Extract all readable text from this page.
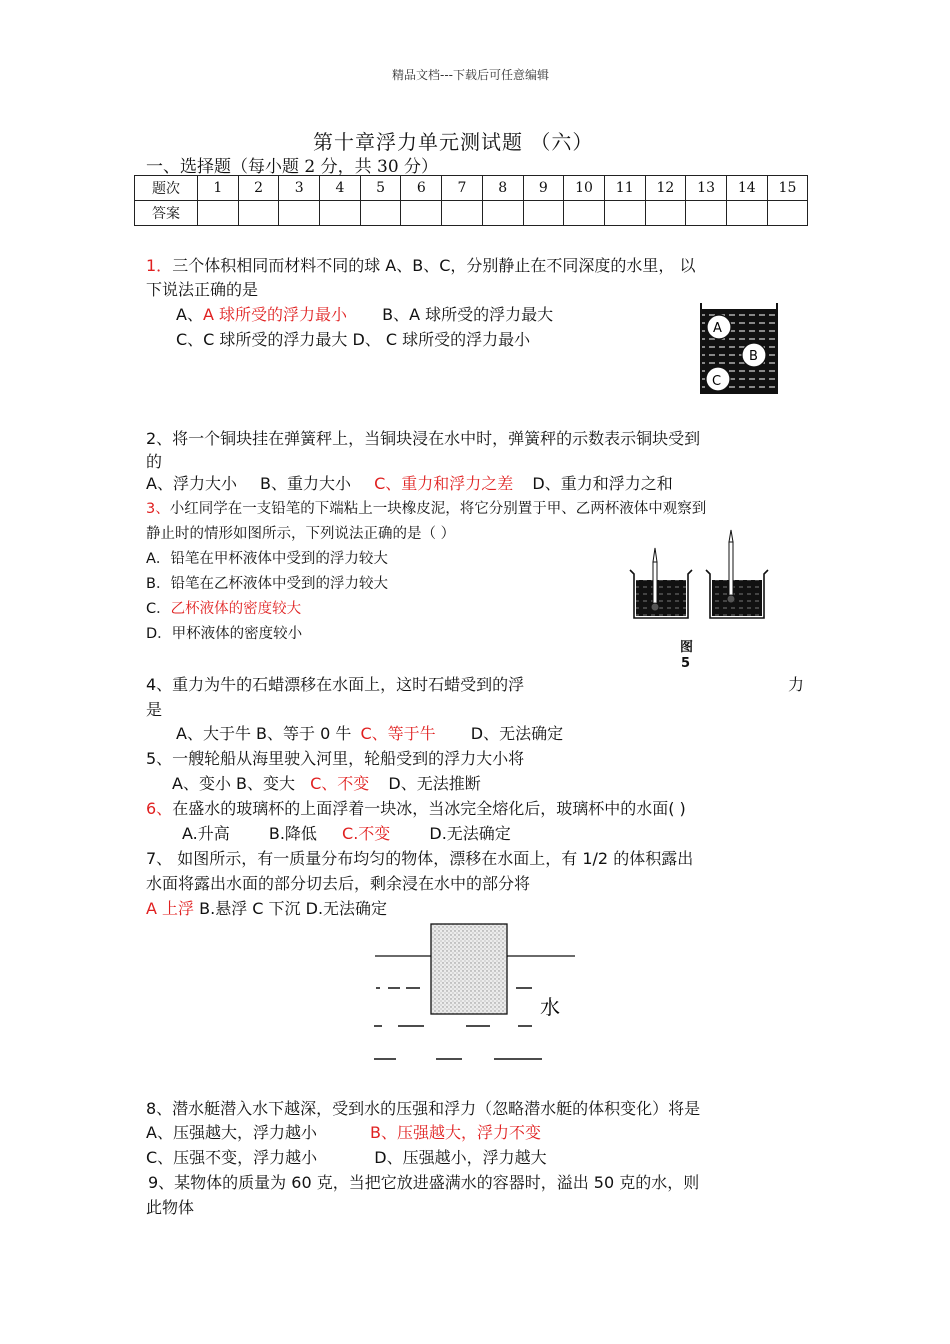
精品文档---下载后可任意编辑
第十章浮力单元测试题 （六）
一、选择题（每小题 2 分，共 30 分）
题次	1	2	3	4	5	6	7	8	9	10	11	12	13	14	15
答案															
1．三个体积相同而材料不同的球 A、B、C，分别静止在不同深度的水里， 以
下说法正确的是
A、A 球所受的浮力最小 B、A 球所受的浮力最大
C、C 球所受的浮力最大 D、 C 球所受的浮力最小
A
B
C
2、将一个铜块挂在弹簧秤上，当铜块浸在水中时，弹簧秤的示数表示铜块受到
的
A、浮力大小 B、重力大小 C、重力和浮力之差 D、重力和浮力之和
3、小红同学在一支铅笔的下端粘上一块橡皮泥，将它分别置于甲、乙两杯液体中观察到
静止时的情形如图所示，下列说法正确的是（ ）
A．铅笔在甲杯液体中受到的浮力较大
B．铅笔在乙杯液体中受到的浮力较大
C．乙杯液体的密度较大
D．甲杯液体的密度较小
图
5
4、重力为牛的石蜡漂移在水面上，这时石蜡受到的浮	力
是
A、大于牛 B、等于 0 牛 C、等于牛 D、无法确定
5、一艘轮船从海里驶入河里，轮船受到的浮力大小将
A、变小 B、变大 C、不变 D、无法推断
6、在盛水的玻璃杯的上面浮着一块冰，当冰完全熔化后，玻璃杯中的水面( )
A.升高 B.降低 C.不变 D.无法确定
7、 如图所示，有一质量分布均匀的物体，漂移在水面上，有 1/2 的体积露出
水面将露出水面的部分切去后，剩余浸在水中的部分将
A 上浮 B.悬浮 C 下沉 D.无法确定
水
8、潜水艇潜入水下越深，受到水的压强和浮力（忽略潜水艇的体积变化）将是
A、压强越大，浮力越小	B、压强越大，浮力不变
C、压强不变，浮力越小	D、压强越小，浮力越大
9、某物体的质量为 60 克，当把它放进盛满水的容器时，溢出 50 克的水，则
此物体
